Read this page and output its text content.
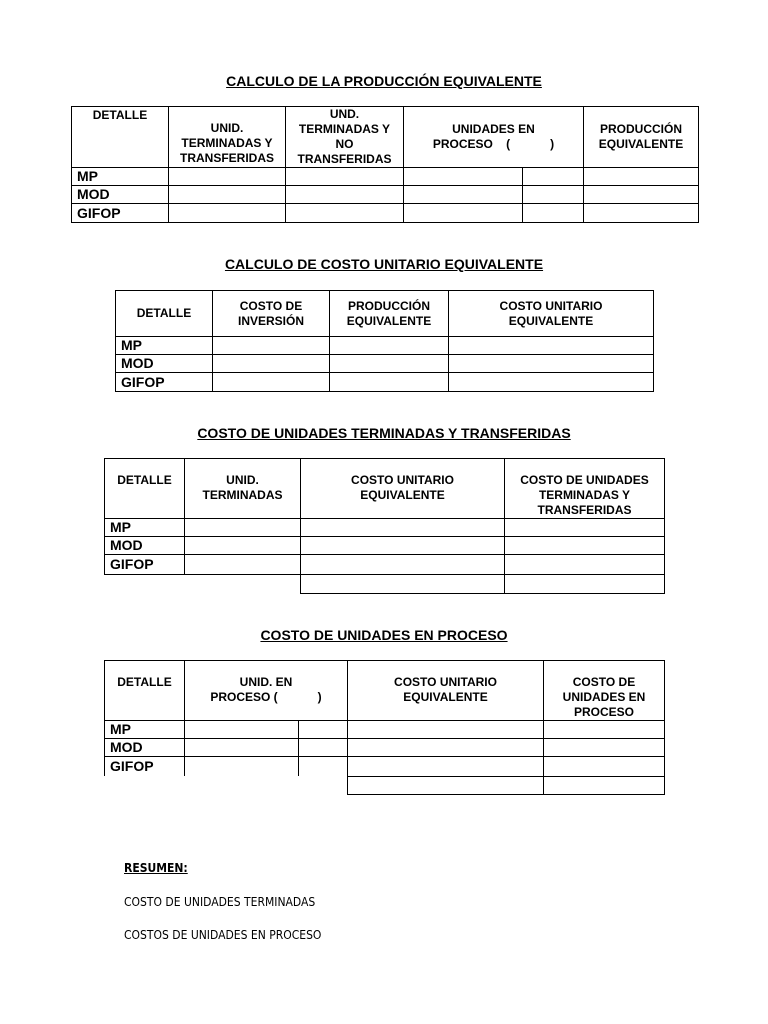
CALCULO DE LA PRODUCCIÓN EQUIVALENTE
DETALLE
UNID.
TERMINADAS Y
TRANSFERIDAS
UND.
TERMINADAS Y
NO
TRANSFERIDAS
UNIDADES EN
PROCESO    (            )
PRODUCCIÓN
EQUIVALENTE
MP
MOD
GIFOP
CALCULO DE COSTO UNITARIO EQUIVALENTE
DETALLE
COSTO DE
INVERSIÓN
PRODUCCIÓN
EQUIVALENTE
COSTO UNITARIO
EQUIVALENTE
MP
MOD
GIFOP
COSTO DE UNIDADES TERMINADAS Y TRANSFERIDAS
DETALLE	UNID.
TERMINADAS
COSTO UNITARIO
EQUIVALENTE
COSTO DE UNIDADES
TERMINADAS Y
TRANSFERIDAS
MP
MOD
GIFOP
COSTO DE UNIDADES EN PROCESO
DETALLE	UNID. EN
PROCESO (            )
COSTO UNITARIO
EQUIVALENTE
COSTO DE
UNIDADES EN
PROCESO
MP
MOD
GIFOP
RESUMEN:
COSTO DE UNIDADES TERMINADAS
COSTOS DE UNIDADES EN PROCESO
